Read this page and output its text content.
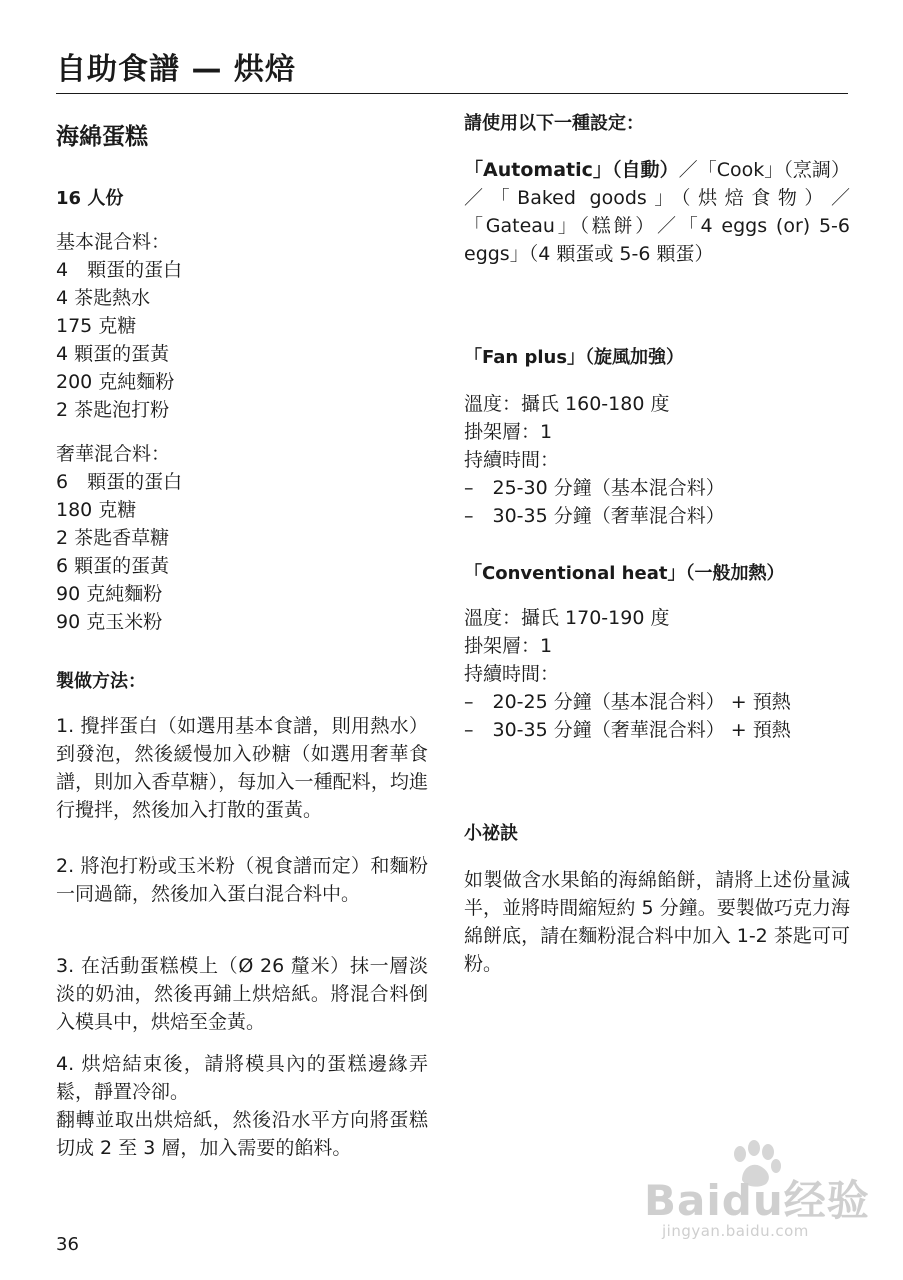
自助食譜 — 烘焙
海綿蛋糕
16 人份
基本混合料：
4　顆蛋的蛋白
4 茶匙熱水
175 克糖
4 顆蛋的蛋黃
200 克純麵粉
2 茶匙泡打粉
奢華混合料：
6　顆蛋的蛋白
180 克糖
2 茶匙香草糖
6 顆蛋的蛋黃
90 克純麵粉
90 克玉米粉
製做方法：
1. 攪拌蛋白（如選用基本食譜，則用熱水）到發泡，然後緩慢加入砂糖（如選用奢華食譜，則加入香草糖），每加入一種配料，均進行攪拌，然後加入打散的蛋黃。
2. 將泡打粉或玉米粉（視食譜而定）和麵粉一同過篩，然後加入蛋白混合料中。
3. 在活動蛋糕模上（Ø 26 釐米）抹一層淡淡的奶油，然後再鋪上烘焙紙。將混合料倒入模具中，烘焙至金黃。
4. 烘焙結束後，請將模具內的蛋糕邊緣弄鬆，靜置冷卻。
翻轉並取出烘焙紙，然後沿水平方向將蛋糕切成 2 至 3 層，加入需要的餡料。
請使用以下一種設定：
「Automatic」（自動）／「Cook」（烹調）／「Baked goods」（烘焙食物）／「Gateau」（糕餅）／「4 eggs (or) 5-6 eggs」（4 顆蛋或 5-6 顆蛋）
「Fan plus」（旋風加強）
溫度：攝氏 160-180 度
掛架層：1
持續時間：
–　25-30 分鐘（基本混合料）
–　30-35 分鐘（奢華混合料）
「Conventional heat」（一般加熱）
溫度：攝氏 170-190 度
掛架層：1
持續時間：
–　20-25 分鐘（基本混合料） + 預熱
–　30-35 分鐘（奢華混合料） + 預熱
小祕訣
如製做含水果餡的海綿餡餅，請將上述份量減半，並將時間縮短約 5 分鐘。要製做巧克力海綿餅底，請在麵粉混合料中加入 1-2 茶匙可可粉。
36
Baidu经验
jingyan.baidu.com
